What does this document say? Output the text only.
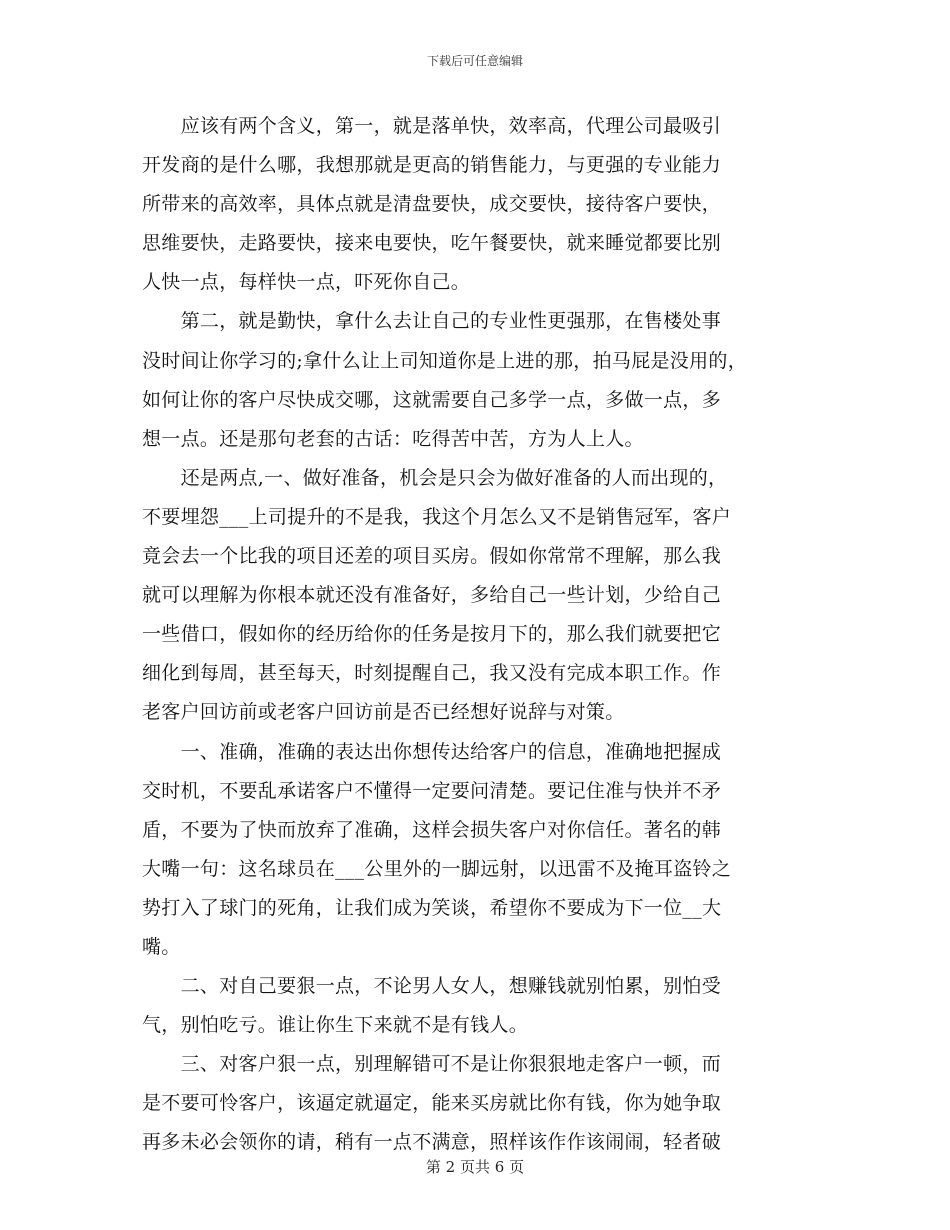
下载后可任意编辑
　　应该有两个含义，第一，就是落单快，效率高，代理公司最吸引
开发商的是什么哪，我想那就是更高的销售能力，与更强的专业能力
所带来的高效率，具体点就是清盘要快，成交要快，接待客户要快，
思维要快，走路要快，接来电要快，吃午餐要快，就来睡觉都要比别
人快一点，每样快一点，吓死你自己。
　　第二，就是勤快，拿什么去让自己的专业性更强那，在售楼处事
没时间让你学习的;拿什么让上司知道你是上进的那，拍马屁是没用的，
如何让你的客户尽快成交哪，这就需要自己多学一点，多做一点，多
想一点。还是那句老套的古话：吃得苦中苦，方为人上人。
　　还是两点,一、做好准备，机会是只会为做好准备的人而出现的，
不要埋怨___上司提升的不是我，我这个月怎么又不是销售冠军，客户
竟会去一个比我的项目还差的项目买房。假如你常常不理解，那么我
就可以理解为你根本就还没有准备好，多给自己一些计划，少给自己
一些借口，假如你的经历给你的任务是按月下的，那么我们就要把它
细化到每周，甚至每天，时刻提醒自己，我又没有完成本职工作。作
老客户回访前或老客户回访前是否已经想好说辞与对策。
　　一、准确，准确的表达出你想传达给客户的信息，准确地把握成
交时机，不要乱承诺客户不懂得一定要问清楚。要记住准与快并不矛
盾，不要为了快而放弃了准确，这样会损失客户对你信任。著名的韩
大嘴一句：这名球员在___公里外的一脚远射，以迅雷不及掩耳盗铃之
势打入了球门的死角，让我们成为笑谈，希望你不要成为下一位__大
嘴。
　　二、对自己要狠一点，不论男人女人，想赚钱就别怕累，别怕受
气，别怕吃亏。谁让你生下来就不是有钱人。
　　三、对客户狠一点，别理解错可不是让你狠狠地走客户一顿，而
是不要可怜客户，该逼定就逼定，能来买房就比你有钱，你为她争取
再多未必会领你的请，稍有一点不满意，照样该作作该闹闹，轻者破
第 2 页共 6 页
